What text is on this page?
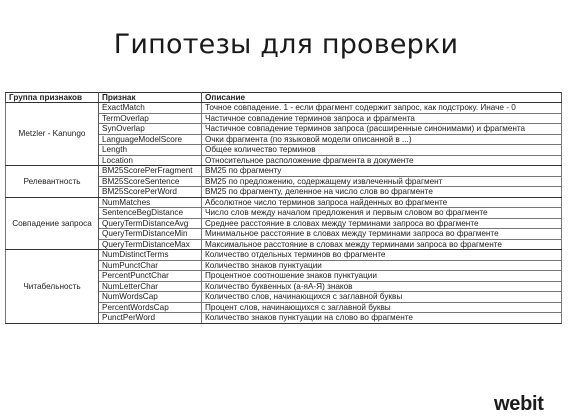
Гипотезы для проверки
Группа признаков	Признак	Описание
Metzler - Kanungo	ExactMatch	Точное совпадение. 1 - если фрагмент содержит запрос, как подстроку. Иначе - 0
	TermOverlap	Частичное совпадение терминов запроса и фрагмента
	SynOverlap	Частичное совпадение терминов запроса (расширенные синонимами) и фрагмента
	LanguageModelScore	Очки фрагмента (по языковой модели описанной в ...)
	Length	Общее количество терминов
	Location	Относительное расположение фрагмента в документе
Релевантность	BM25ScorePerFragment	BM25 по фрагменту
	BM25ScoreSentence	BM25 по предложению, содержащему извлеченный фрагмент
	BM25ScorePerWord	BM25 по фрагменту, деленное на число слов во фрагменте
Совпадение запроса	NumMatches	Абсолютное число терминов запроса найденных во фрагменте
	SentenceBegDistance	Число слов между началом предложения и первым словом во фрагменте
	QueryTermDistanceAvg	Среднее расстояние в словах между терминами запроса во фрагменте
	QueryTermDistanceMin	Минимальное расстояние в словах между терминами запроса во фрагменте
	QueryTermDistanceMax	Максимальное расстояние в словах между терминами запроса во фрагменте
Читабельность	NumDistinctTerms	Количество отдельных терминов во фрагменте
	NumPunctChar	Количество знаков пунктуации
	PercentPunctChar	Процентное соотношение знаков пунктуации
	NumLetterChar	Количество буквенных (a-яА-Я) знаков
	NumWordsCap	Количество слов, начинающихся с заглавной буквы
	PercentWordsCap	Процент слов, начинающихся с заглавной буквы
	PunctPerWord	Количество знаков пунктуации на слово во фрагменте
webit
